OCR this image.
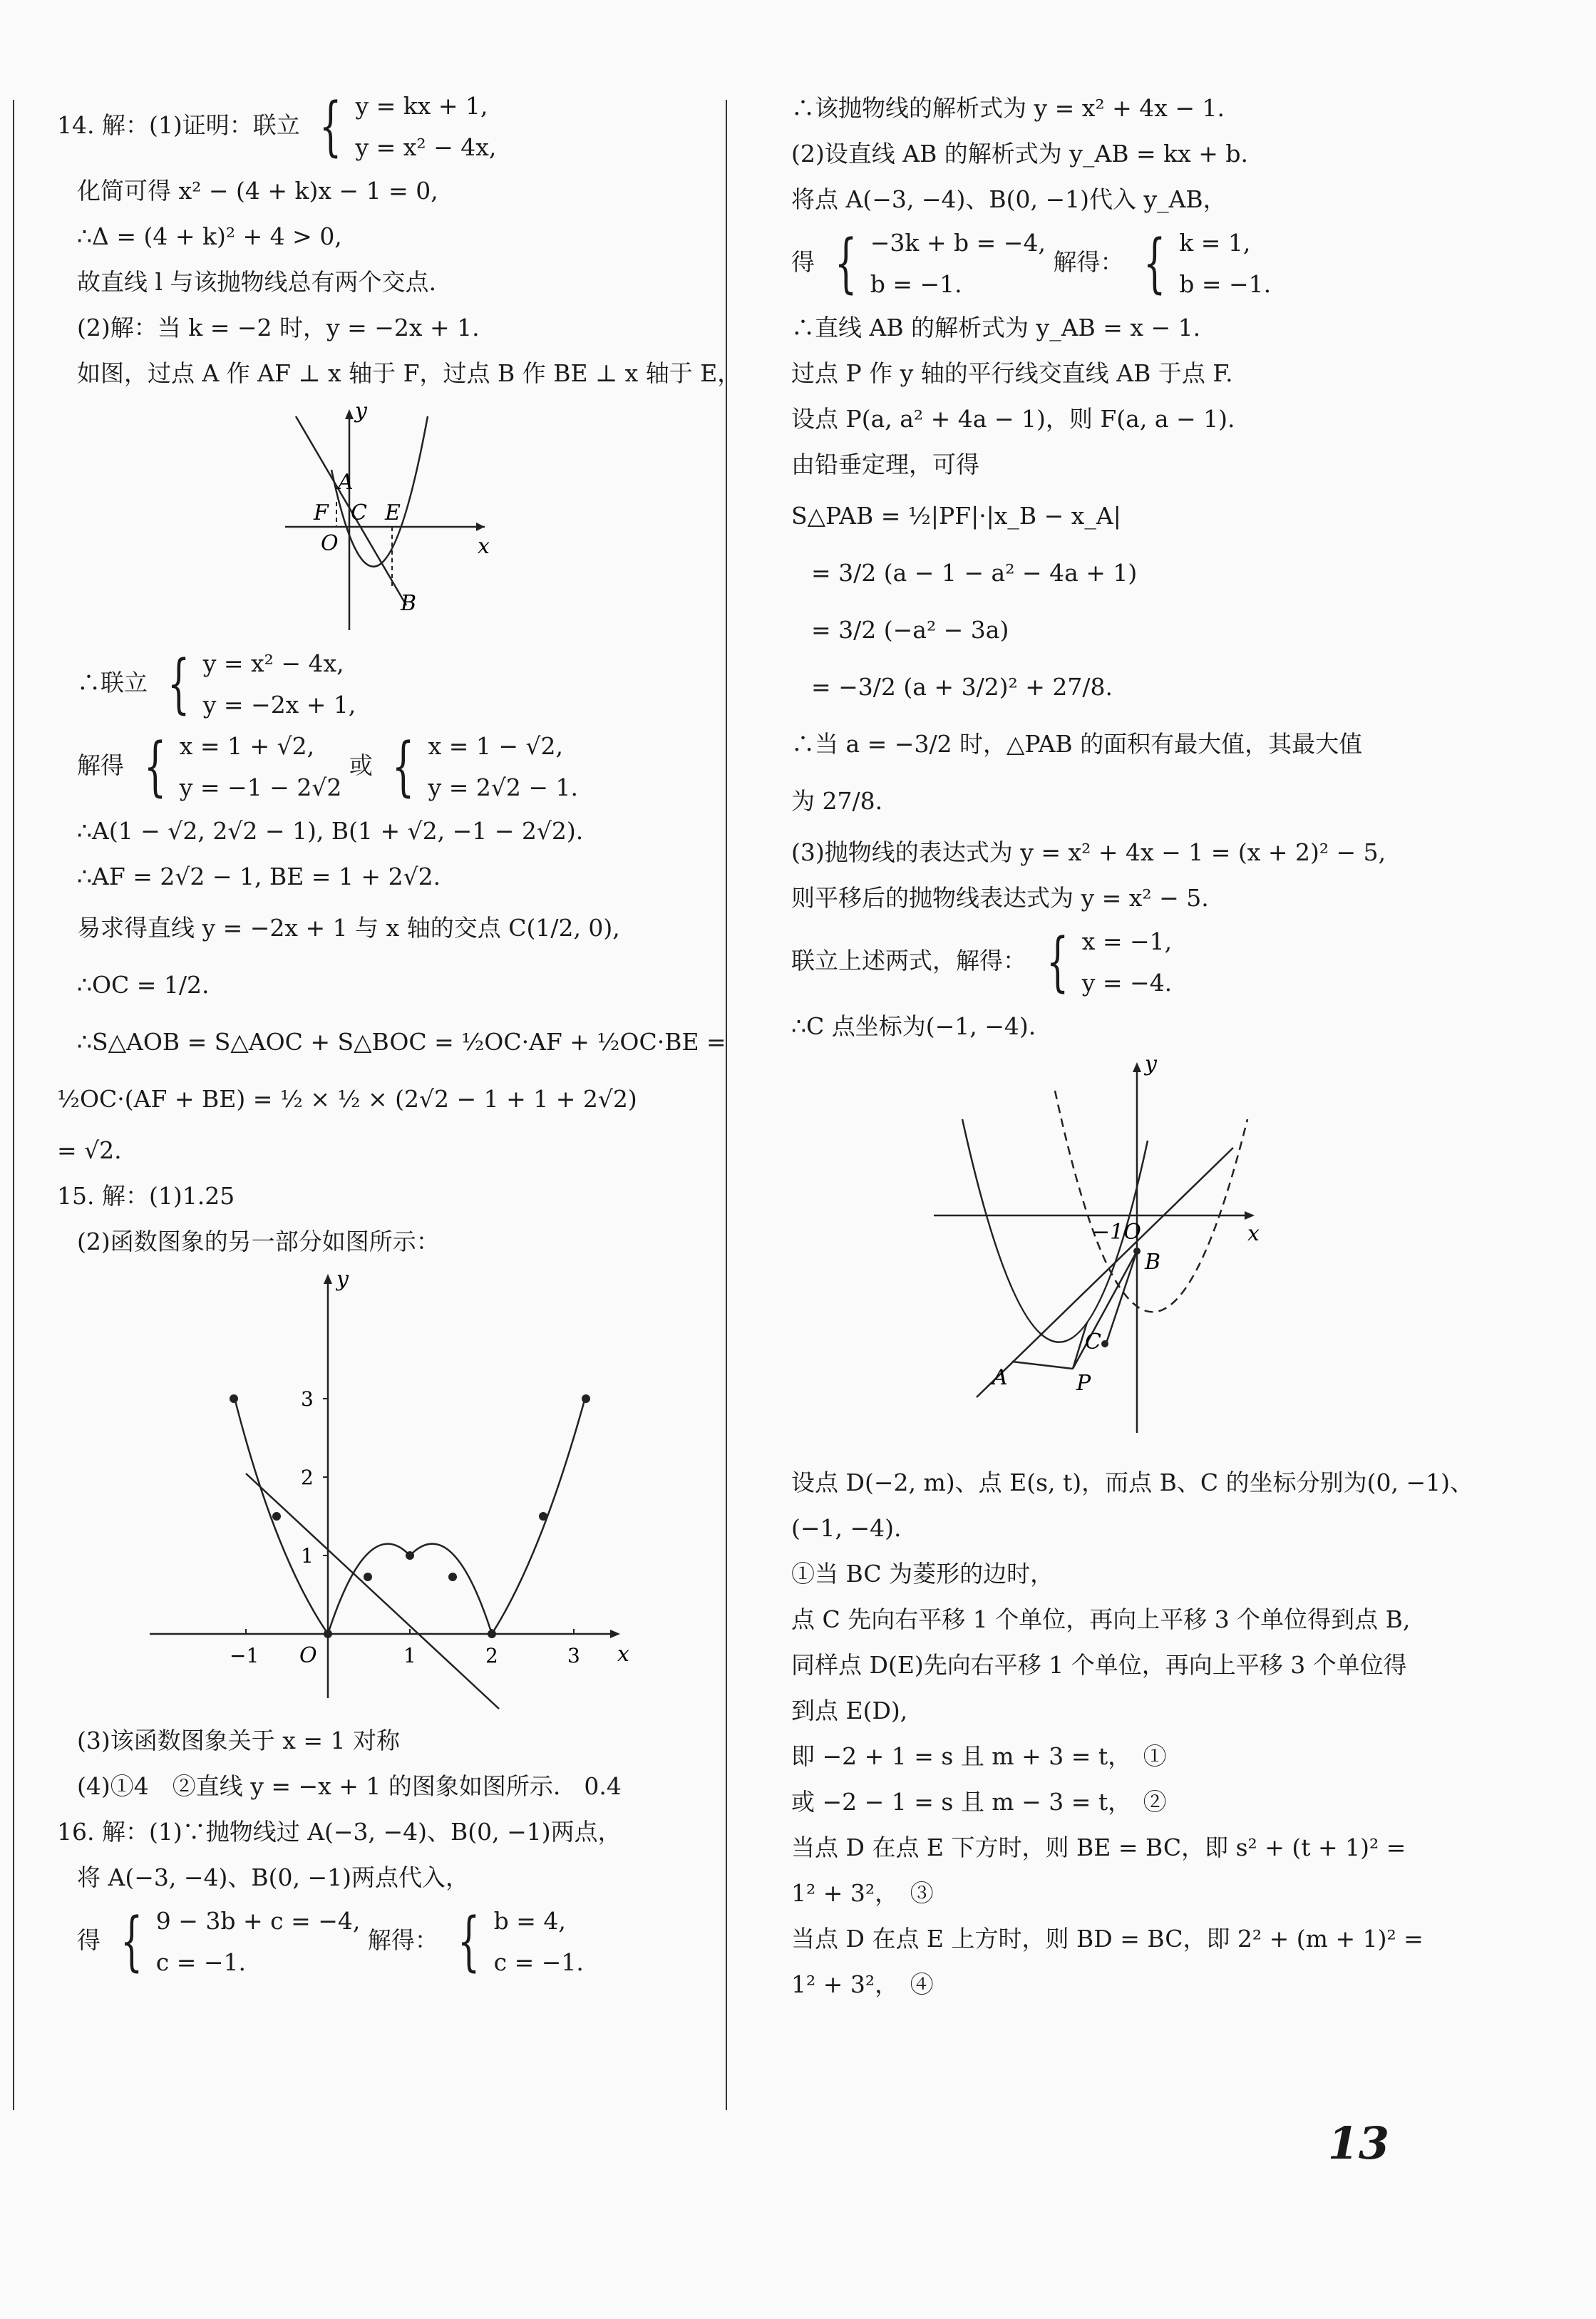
14. 解：(1)证明：联立 { y = kx + 1,
y = x² − 4x,
化简可得 x² − (4 + k)x − 1 = 0,
∴Δ = (4 + k)² + 4 > 0,
故直线 l 与该抛物线总有两个交点.
(2)解：当 k = −2 时，y = −2x + 1.
如图，过点 A 作 AF ⊥ x 轴于 F，过点 B 作 BE ⊥ x 轴于 E，
y
x
A
F C E
O
B
∴联立 { y = x² − 4x,
y = −2x + 1,
解得 { x = 1 + √2,
y = −1 − 2√2
或 { x = 1 − √2,
y = 2√2 − 1.
∴A(1 − √2, 2√2 − 1), B(1 + √2, −1 − 2√2).
∴AF = 2√2 − 1, BE = 1 + 2√2.
易求得直线 y = −2x + 1 与 x 轴的交点 C(1/2, 0),
∴OC = 1/2.
∴S△AOB = S△AOC + S△BOC = ½OC·AF + ½OC·BE =
½OC·(AF + BE) = ½ × ½ × (2√2 − 1 + 1 + 2√2)
= √2.
15. 解：(1)1.25
(2)函数图象的另一部分如图所示：
y
x
O
3
2
1
−1	1	2	3
(3)该函数图象关于 x = 1 对称
(4)①4　②直线 y = −x + 1 的图象如图所示.　0.4
16. 解：(1)∵抛物线过 A(−3, −4)、B(0, −1)两点，
将 A(−3, −4)、B(0, −1)两点代入，
得 { 9 − 3b + c = −4,
c = −1.
解得： { b = 4,
c = −1.
∴该抛物线的解析式为 y = x² + 4x − 1.
(2)设直线 AB 的解析式为 y_AB = kx + b.
将点 A(−3, −4)、B(0, −1)代入 y_AB，
得 { −3k + b = −4,
b = −1.
解得： { k = 1,
b = −1.
∴直线 AB 的解析式为 y_AB = x − 1.
过点 P 作 y 轴的平行线交直线 AB 于点 F.
设点 P(a, a² + 4a − 1)，则 F(a, a − 1).
由铅垂定理，可得
S△PAB = ½|PF|·|x_B − x_A|
= 3/2 (a − 1 − a² − 4a + 1)
= 3/2 (−a² − 3a)
= −3/2 (a + 3/2)² + 27/8.
∴当 a = −3/2 时，△PAB 的面积有最大值，其最大值
为 27/8.
(3)抛物线的表达式为 y = x² + 4x − 1 = (x + 2)² − 5,
则平移后的抛物线表达式为 y = x² − 5.
联立上述两式，解得： { x = −1,
y = −4.
∴C 点坐标为(−1, −4).
y
x
−1O
B
C
A	P
设点 D(−2, m)、点 E(s, t)，而点 B、C 的坐标分别为(0, −1)、
(−1, −4).
①当 BC 为菱形的边时，
点 C 先向右平移 1 个单位，再向上平移 3 个单位得到点 B,
同样点 D(E)先向右平移 1 个单位，再向上平移 3 个单位得
到点 E(D),
即 −2 + 1 = s 且 m + 3 = t，　①
或 −2 − 1 = s 且 m − 3 = t，　②
当点 D 在点 E 下方时，则 BE = BC，即 s² + (t + 1)² =
1² + 3²，　③
当点 D 在点 E 上方时，则 BD = BC，即 2² + (m + 1)² =
1² + 3²，　④
13
